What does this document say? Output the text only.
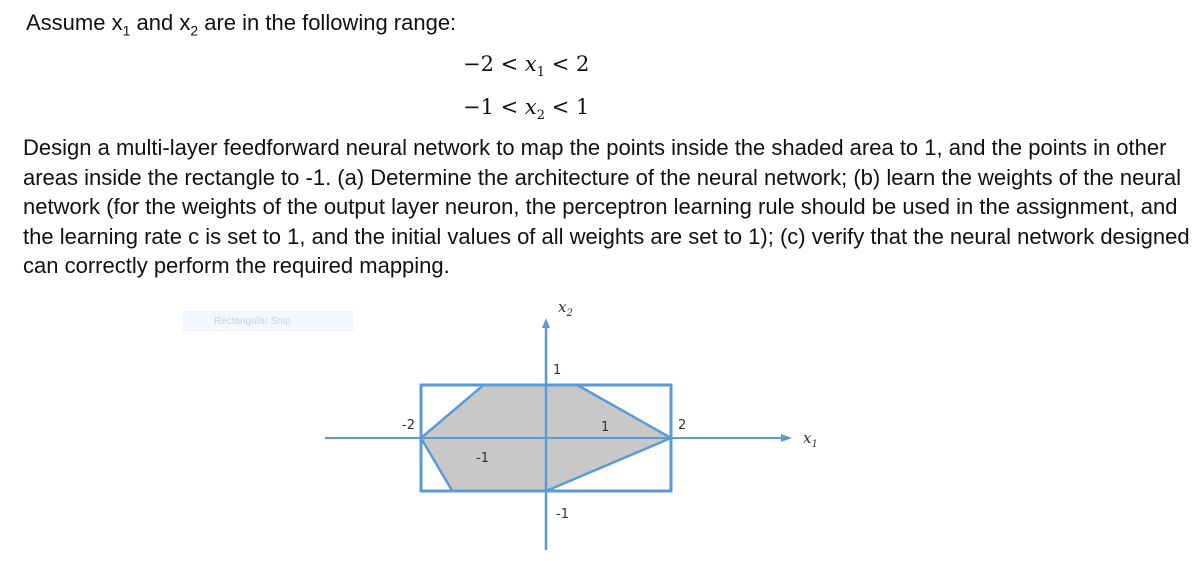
Assume $x_1$ and $x_2$ are in the following range:

$-2 < x_1 < 2$
$-1 < x_2 < 1$

Design a multi-layer feedforward neural network to map the points inside the shaded area to 1, and the points in other areas inside the rectangle to -1. (a) Determine the architecture of the neural network; (b) learn the weights of the neural network (for the weights of the output layer neuron, the perceptron learning rule should be used in the assignment, and the learning rate c is set to 1, and the initial values of all weights are set to 1); (c) verify that the neural network designed can correctly perform the required mapping.

Rectangular Snip
$x_2$
$x_1$
1
-1
-2
-1
1	2
